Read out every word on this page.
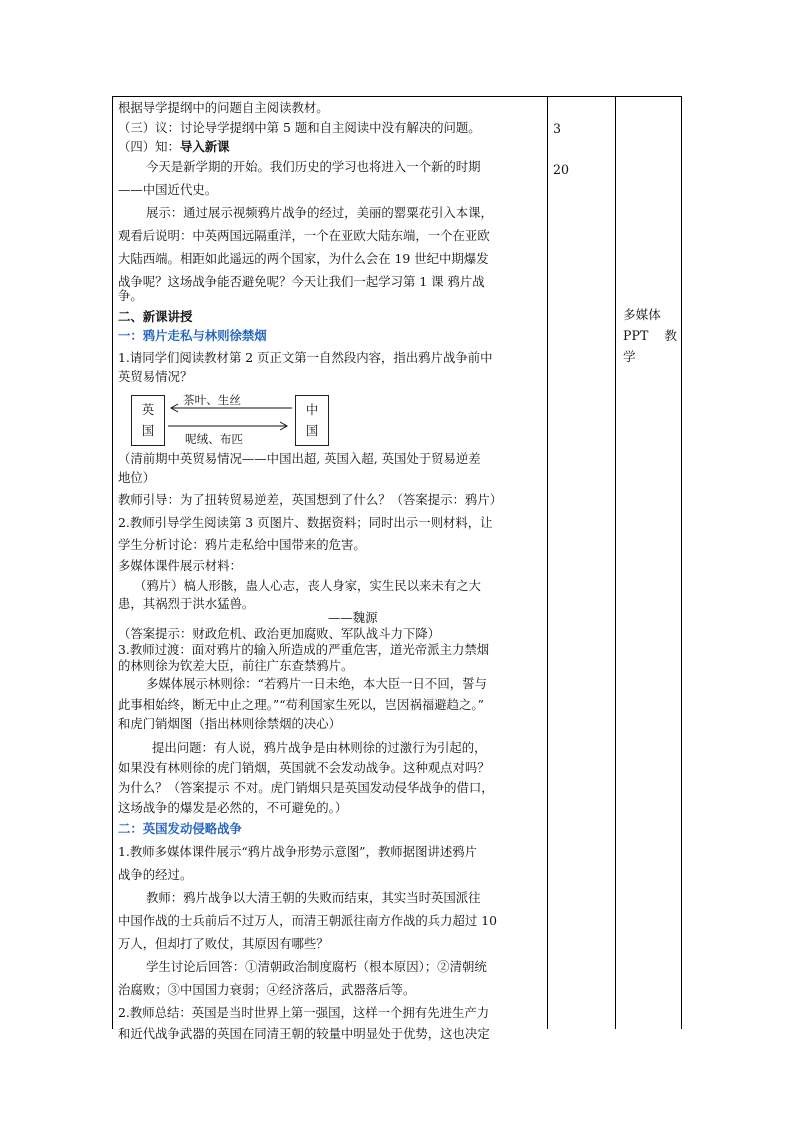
根据导学提纲中的问题自主阅读教材。
（三）议：讨论导学提纲中第 5 题和自主阅读中没有解决的问题。
（四）知：导入新课
今天是新学期的开始。我们历史的学习也将进入一个新的时期
——中国近代史。
展示：通过展示视频鸦片战争的经过，美丽的罂粟花引入本课，
观看后说明：中英两国远隔重洋，一个在亚欧大陆东端，一个在亚欧
大陆西端。相距如此遥远的两个国家，为什么会在 19 世纪中期爆发
战争呢？这场战争能否避免呢？今天让我们一起学习第 1 课 鸦片战
争。
二、新课讲授
一：鸦片走私与林则徐禁烟
1.请同学们阅读教材第 2 页正文第一自然段内容，指出鸦片战争前中
英贸易情况？
英
国
中
国
茶叶、生丝
呢绒、布匹
（清前期中英贸易情况——中国出超, 英国入超, 英国处于贸易逆差
地位）
教师引导：为了扭转贸易逆差，英国想到了什么？（答案提示：鸦片）
2.教师引导学生阅读第 3 页图片、数据资料；同时出示一则材料，让
学生分析讨论：鸦片走私给中国带来的危害。
多媒体课件展示材料：
（鸦片）槁人形骸，蛊人心志，丧人身家，实生民以来未有之大
患，其祸烈于洪水猛兽。
——魏源
（答案提示：财政危机、政治更加腐败、军队战斗力下降）
3.教师过渡：面对鸦片的输入所造成的严重危害，道光帝派主力禁烟
的林则徐为钦差大臣，前往广东查禁鸦片。
多媒体展示林则徐：“若鸦片一日未绝，本大臣一日不回，誓与
此事相始终，断无中止之理。”“苟利国家生死以，岂因祸福避趋之。”
和虎门销烟图（指出林则徐禁烟的决心）
提出问题：有人说，鸦片战争是由林则徐的过激行为引起的，
如果没有林则徐的虎门销烟，英国就不会发动战争。这种观点对吗？
为什么？（答案提示 不对。虎门销烟只是英国发动侵华战争的借口，
这场战争的爆发是必然的，不可避免的。）
二：英国发动侵略战争
1.教师多媒体课件展示“鸦片战争形势示意图”，教师据图讲述鸦片
战争的经过。
教师：鸦片战争以大清王朝的失败而结束，其实当时英国派往
中国作战的士兵前后不过万人，而清王朝派往南方作战的兵力超过 10
万人，但却打了败仗，其原因有哪些？
学生讨论后回答：①清朝政治制度腐朽（根本原因）；②清朝统
治腐败；③中国国力衰弱；④经济落后，武器落后等。
2.教师总结：英国是当时世界上第一强国，这样一个拥有先进生产力
和近代战争武器的英国在同清王朝的较量中明显处于优势，这也决定
3
20
多媒体
PPT 教
学
